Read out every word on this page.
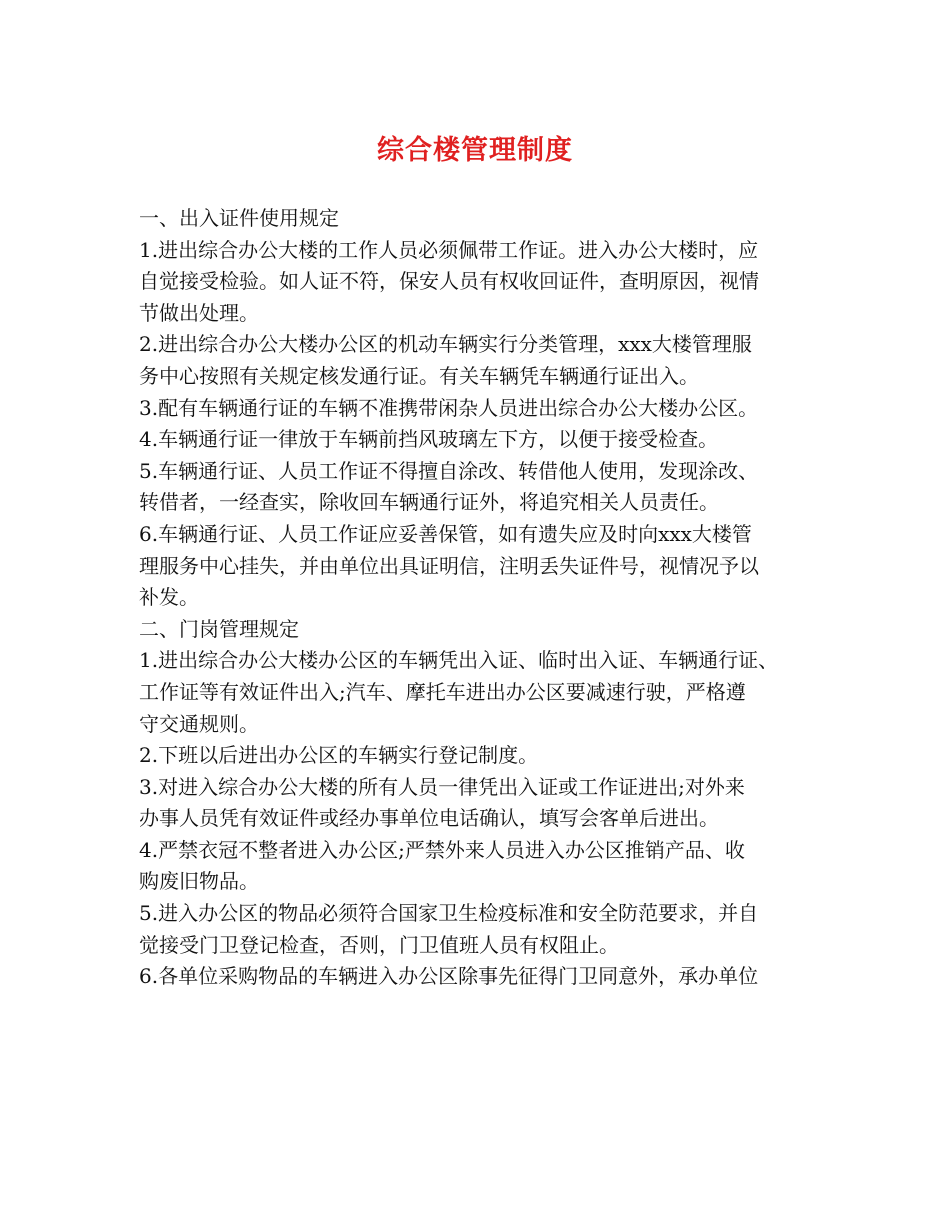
综合楼管理制度
一、出入证件使用规定
1.进出综合办公大楼的工作人员必须佩带工作证。进入办公大楼时，应
自觉接受检验。如人证不符，保安人员有权收回证件，查明原因，视情
节做出处理。
2.进出综合办公大楼办公区的机动车辆实行分类管理，xxx大楼管理服
务中心按照有关规定核发通行证。有关车辆凭车辆通行证出入。
3.配有车辆通行证的车辆不准携带闲杂人员进出综合办公大楼办公区。
4.车辆通行证一律放于车辆前挡风玻璃左下方，以便于接受检查。
5.车辆通行证、人员工作证不得擅自涂改、转借他人使用，发现涂改、
转借者，一经查实，除收回车辆通行证外，将追究相关人员责任。
6.车辆通行证、人员工作证应妥善保管，如有遗失应及时向xxx大楼管
理服务中心挂失，并由单位出具证明信，注明丢失证件号，视情况予以
补发。
二、门岗管理规定
1.进出综合办公大楼办公区的车辆凭出入证、临时出入证、车辆通行证、
工作证等有效证件出入;汽车、摩托车进出办公区要减速行驶，严格遵
守交通规则。
2.下班以后进出办公区的车辆实行登记制度。
3.对进入综合办公大楼的所有人员一律凭出入证或工作证进出;对外来
办事人员凭有效证件或经办事单位电话确认，填写会客单后进出。
4.严禁衣冠不整者进入办公区;严禁外来人员进入办公区推销产品、收
购废旧物品。
5.进入办公区的物品必须符合国家卫生检疫标准和安全防范要求，并自
觉接受门卫登记检查，否则，门卫值班人员有权阻止。
6.各单位采购物品的车辆进入办公区除事先征得门卫同意外，承办单位
